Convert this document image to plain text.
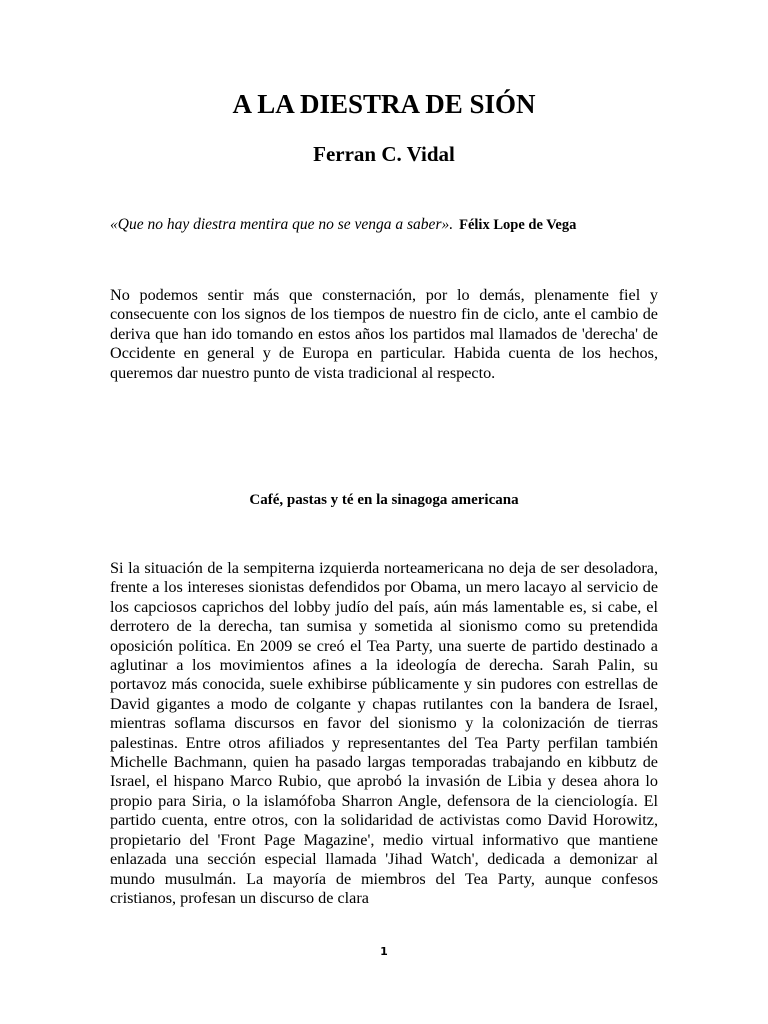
A LA DIESTRA DE SIÓN
Ferran C. Vidal

«Que no hay diestra mentira que no se venga a saber». Félix Lope de Vega

No podemos sentir más que consternación, por lo demás, plenamente fiel y consecuente con los signos de los tiempos de nuestro fin de ciclo, ante el cambio de deriva que han ido tomando en estos años los partidos mal llamados de 'derecha' de Occidente en general y de Europa en particular. Habida cuenta de los hechos, queremos dar nuestro punto de vista tradicional al respecto.

Café, pastas y té en la sinagoga americana

Si la situación de la sempiterna izquierda norteamericana no deja de ser desoladora, frente a los intereses sionistas defendidos por Obama, un mero lacayo al servicio de los capciosos caprichos del lobby judío del país, aún más lamentable es, si cabe, el derrotero de la derecha, tan sumisa y sometida al sionismo como su pretendida oposición política. En 2009 se creó el Tea Party, una suerte de partido destinado a aglutinar a los movimientos afines a la ideología de derecha. Sarah Palin, su portavoz más conocida, suele exhibirse públicamente y sin pudores con estrellas de David gigantes a modo de colgante y chapas rutilantes con la bandera de Israel, mientras soflama discursos en favor del sionismo y la colonización de tierras palestinas. Entre otros afiliados y representantes del Tea Party perfilan también Michelle Bachmann, quien ha pasado largas temporadas trabajando en kibbutz de Israel, el hispano Marco Rubio, que aprobó la invasión de Libia y desea ahora lo propio para Siria, o la islamófoba Sharron Angle, defensora de la cienciología. El partido cuenta, entre otros, con la solidaridad de activistas como David Horowitz, propietario del 'Front Page Magazine', medio virtual informativo que mantiene enlazada una sección especial llamada 'Jihad Watch', dedicada a demonizar al mundo musulmán. La mayoría de miembros del Tea Party, aunque confesos cristianos, profesan un discurso de clara

1
